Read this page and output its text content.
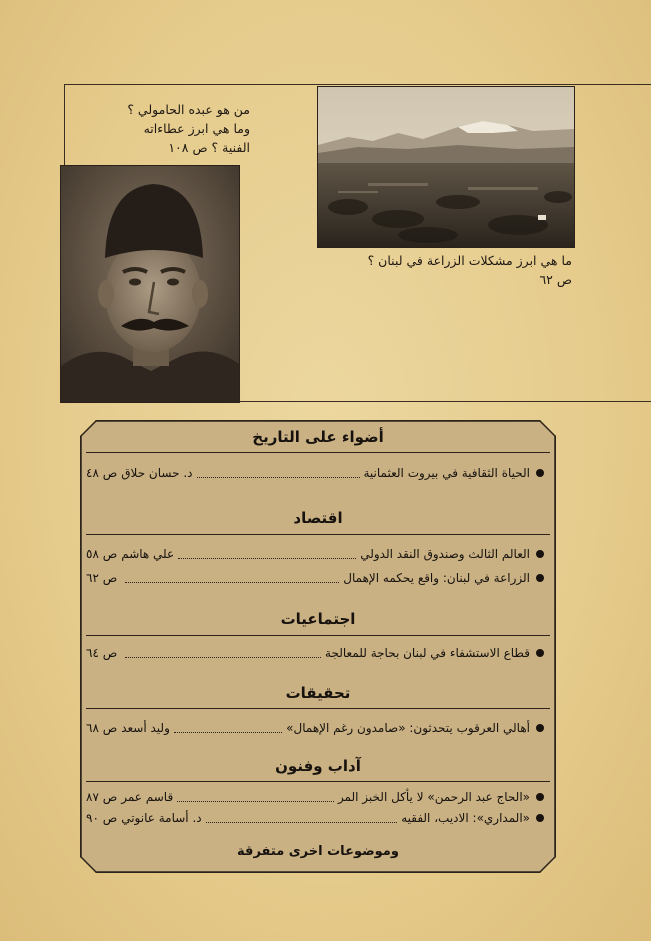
من هو عبده الحامولي ؟
وما هي ابرز عطاءاته
الفنية ؟ ص ١٠٨
ما هي ابرز مشكلات الزراعة في لبنان ؟
ص ٦٢
أضواء على التاريخ
الحياة الثقافية في بيروت العثمانية
د. حسان حلاق
ص ٤٨
اقتصاد
العالم الثالث وصندوق النقد الدولي
علي هاشم
ص ٥٨
الزراعة في لبنان: واقع يحكمه الإهمال
ص ٦٢
اجتماعيات
قطاع الاستشفاء في لبنان بحاجة للمعالجة
ص ٦٤
تحقيقات
أهالي العرقوب يتحدثون: «صامدون رغم الإهمال»
وليد أسعد
ص ٦٨
آداب وفنون
«الحاج عبد الرحمن» لا يأكل الخبز المر
قاسم عمر
ص ٨٧
«المداري»: الاديب، الفقيه
د. أسامة عانوتي
ص ٩٠
وموضوعات اخرى متفرقة
